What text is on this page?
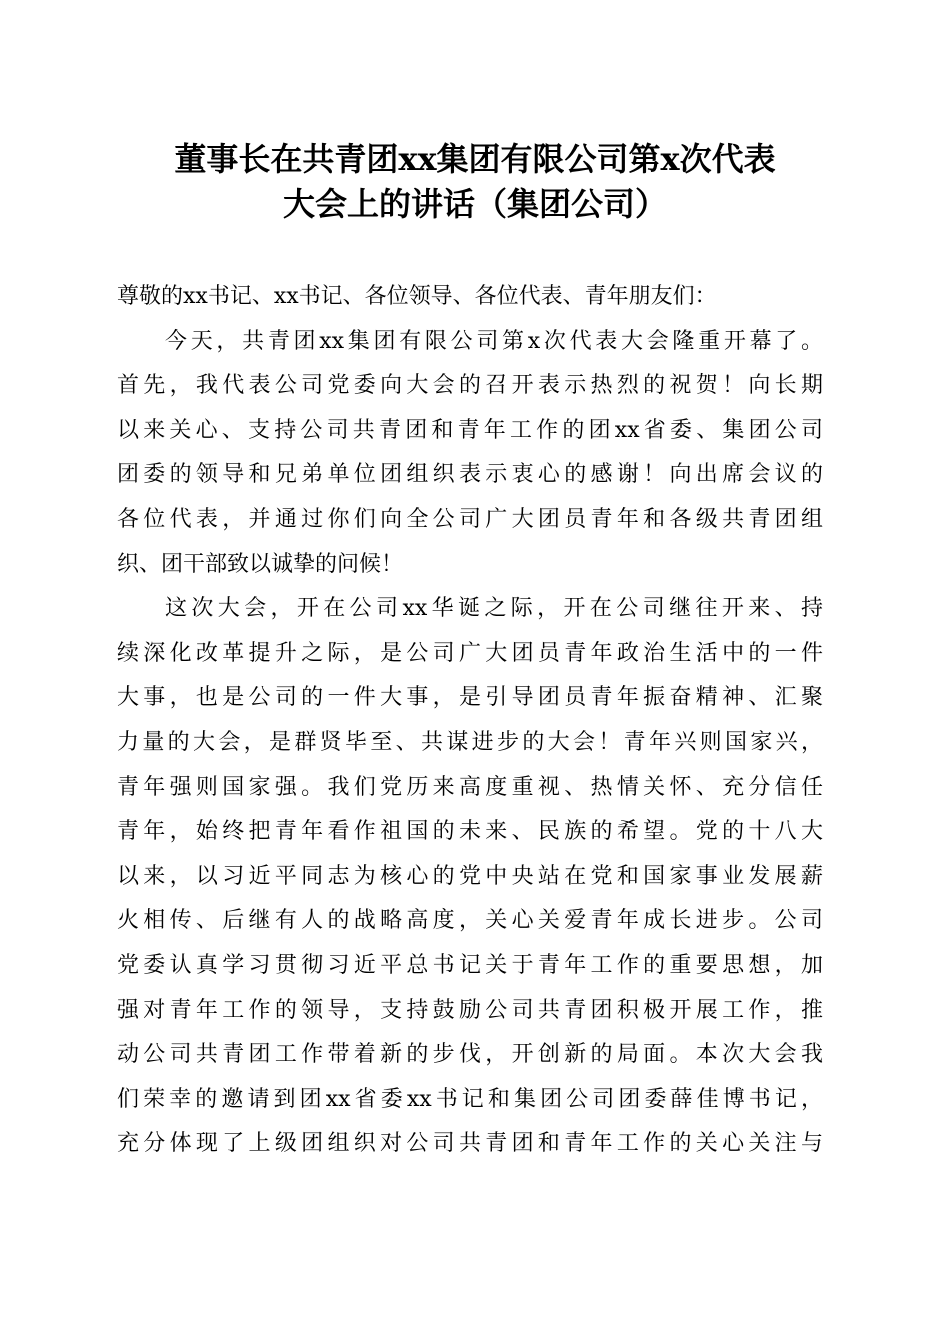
董事长在共青团xx集团有限公司第x次代表
大会上的讲话（集团公司）
尊敬的xx书记、xx书记、各位领导、各位代表、青年朋友们：
今天，共青团xx集团有限公司第x次代表大会隆重开幕了。
首先，我代表公司党委向大会的召开表示热烈的祝贺！向长期
以来关心、支持公司共青团和青年工作的团xx省委、集团公司
团委的领导和兄弟单位团组织表示衷心的感谢！向出席会议的
各位代表，并通过你们向全公司广大团员青年和各级共青团组
织、团干部致以诚挚的问候！
这次大会，开在公司xx华诞之际，开在公司继往开来、持
续深化改革提升之际，是公司广大团员青年政治生活中的一件
大事，也是公司的一件大事，是引导团员青年振奋精神、汇聚
力量的大会，是群贤毕至、共谋进步的大会！青年兴则国家兴，
青年强则国家强。我们党历来高度重视、热情关怀、充分信任
青年，始终把青年看作祖国的未来、民族的希望。党的十八大
以来，以习近平同志为核心的党中央站在党和国家事业发展薪
火相传、后继有人的战略高度，关心关爱青年成长进步。公司
党委认真学习贯彻习近平总书记关于青年工作的重要思想，加
强对青年工作的领导，支持鼓励公司共青团积极开展工作，推
动公司共青团工作带着新的步伐，开创新的局面。本次大会我
们荣幸的邀请到团xx省委xx书记和集团公司团委薛佳博书记，
充分体现了上级团组织对公司共青团和青年工作的关心关注与
